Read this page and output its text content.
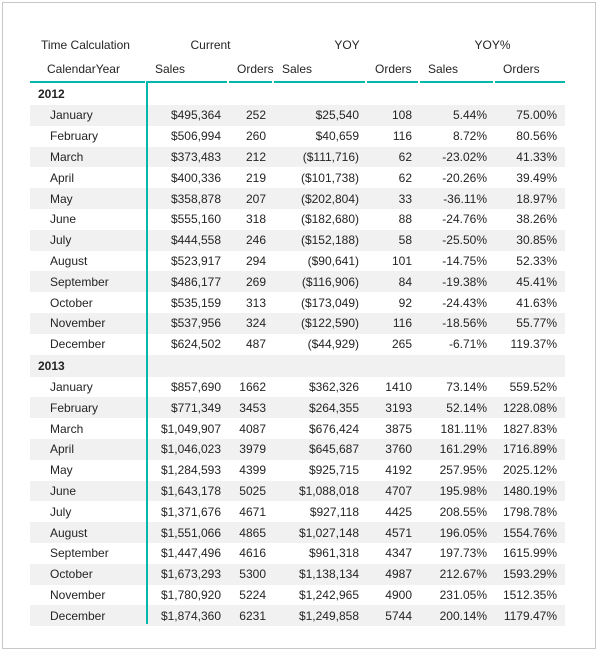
Time Calculation	Current	YOY	YOY%
CalendarYear	Sales	Orders Sales	Orders	Sales	Orders
2012
January	$495,364	252	$25,540	108	5.44%	75.00%
February	$506,994	260	$40,659	116	8.72%	80.56%
March	$373,483	212	($111,716)	62	-23.02%	41.33%
April	$400,336	219	($101,738)	62	-20.26%	39.49%
May	$358,878	207	($202,804)	33	-36.11%	18.97%
June	$555,160	318	($182,680)	88	-24.76%	38.26%
July	$444,558	246	($152,188)	58	-25.50%	30.85%
August	$523,917	294	($90,641)	101	-14.75%	52.33%
September	$486,177	269	($116,906)	84	-19.38%	45.41%
October	$535,159	313	($173,049)	92	-24.43%	41.63%
November	$537,956	324	($122,590)	116	-18.56%	55.77%
December	$624,502	487	($44,929)	265	-6.71%	119.37%
2013
January	$857,690	1662	$362,326	1410	73.14%	559.52%
February	$771,349	3453	$264,355	3193	52.14%	1228.08%
March	$1,049,907	4087	$676,424	3875	181.11%	1827.83%
April	$1,046,023	3979	$645,687	3760	161.29%	1716.89%
May	$1,284,593	4399	$925,715	4192	257.95%	2025.12%
June	$1,643,178	5025	$1,088,018	4707	195.98%	1480.19%
July	$1,371,676	4671	$927,118	4425	208.55%	1798.78%
August	$1,551,066	4865	$1,027,148	4571	196.05%	1554.76%
September	$1,447,496	4616	$961,318	4347	197.73%	1615.99%
October	$1,673,293	5300	$1,138,134	4987	212.67%	1593.29%
November	$1,780,920	5224	$1,242,965	4900	231.05%	1512.35%
December	$1,874,360	6231	$1,249,858	5744	200.14%	1179.47%
